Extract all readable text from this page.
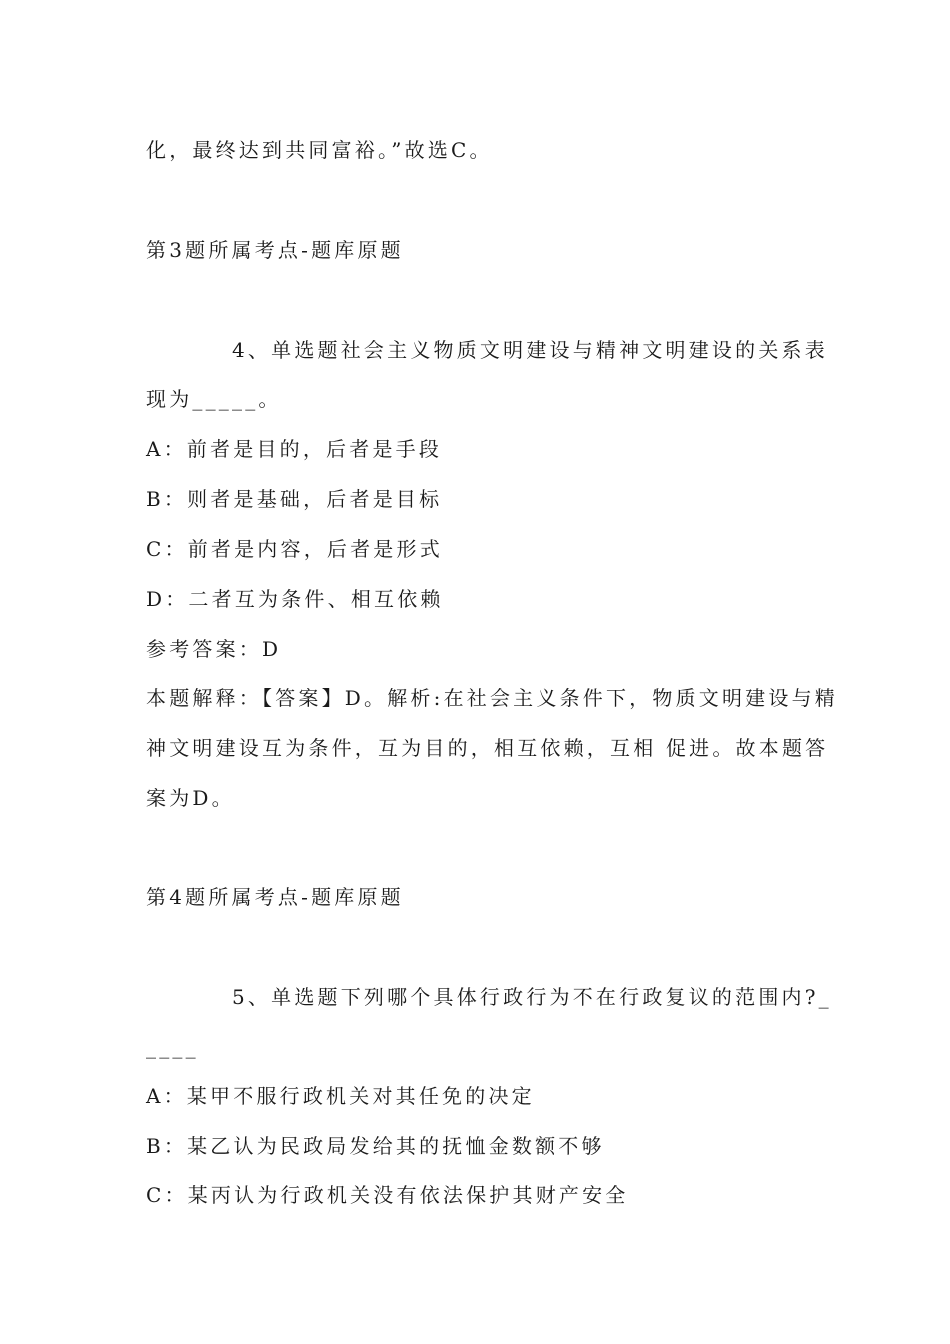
化，最终达到共同富裕。”故选C。
第3题所属考点-题库原题
4、单选题社会主义物质文明建设与精神文明建设的关系表
现为_____。
A：前者是目的，后者是手段
B：则者是基础，后者是目标
C：前者是内容，后者是形式
D：二者互为条件、相互依赖
参考答案：D
本题解释：【答案】D。解析:在社会主义条件下，物质文明建设与精
神文明建设互为条件，互为目的，相互依赖，互相 促进。故本题答
案为D。
第4题所属考点-题库原题
5、单选题下列哪个具体行政行为不在行政复议的范围内?_
____
A：某甲不服行政机关对其任免的决定
B：某乙认为民政局发给其的抚恤金数额不够
C：某丙认为行政机关没有依法保护其财产安全
